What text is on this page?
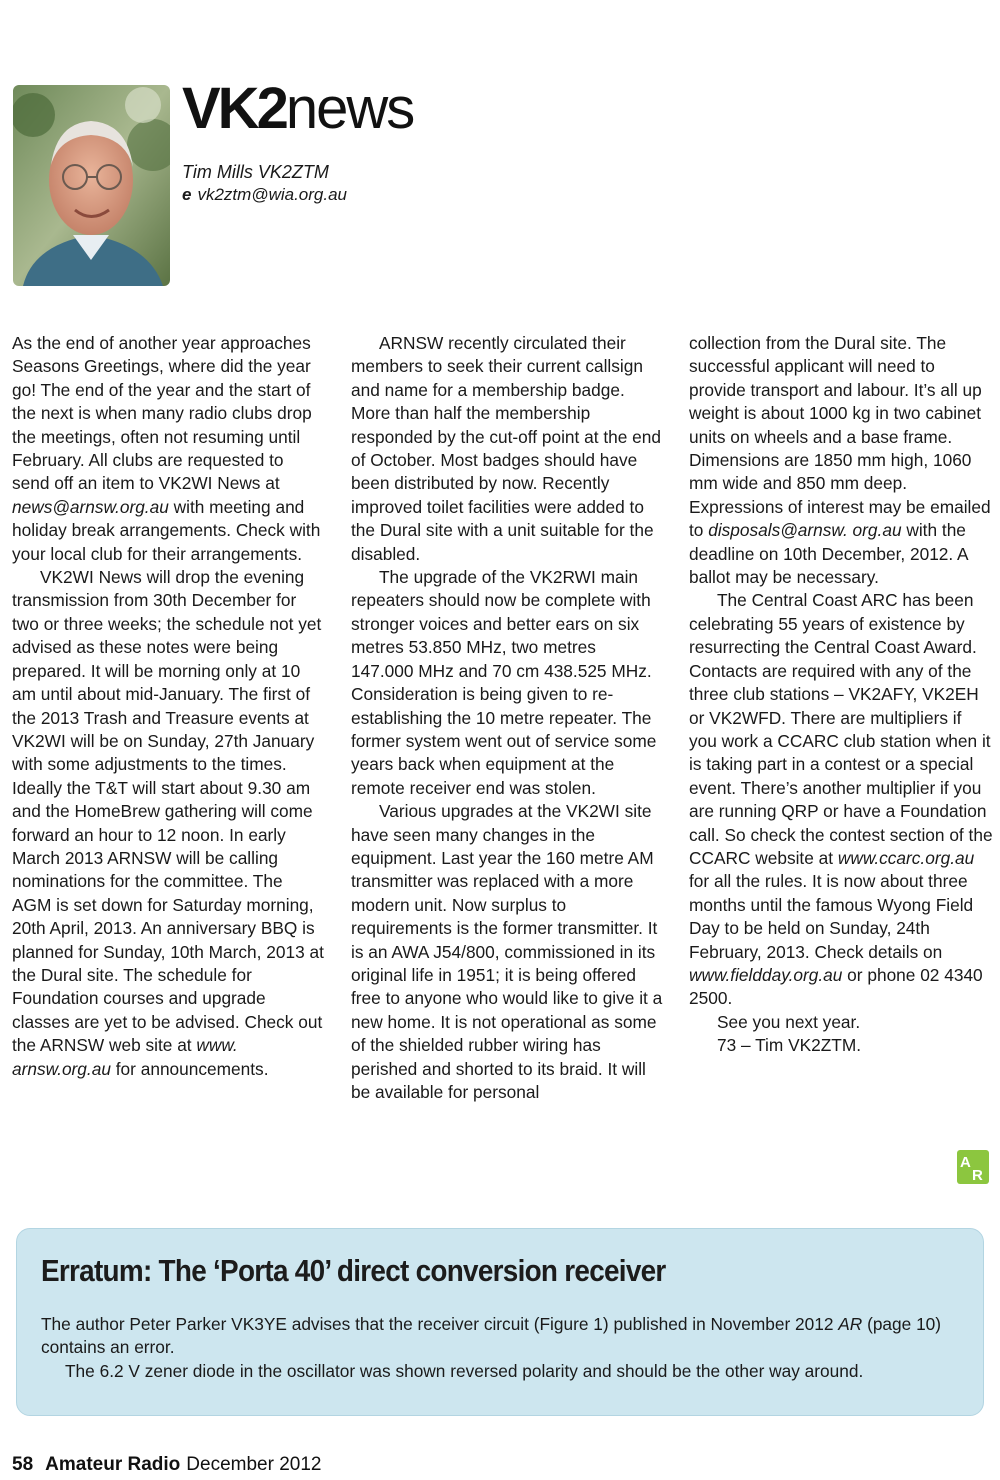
VK2news
Tim Mills VK2ZTM
e vk2ztm@wia.org.au

As the end of another year approaches Seasons Greetings, where did the year go! The end of the year and the start of the next is when many radio clubs drop the meetings, often not resuming until February. All clubs are requested to send off an item to VK2WI News at news@arnsw.org.au with meeting and holiday break arrangements. Check with your local club for their arrangements.

VK2WI News will drop the evening transmission from 30th December for two or three weeks; the schedule not yet advised as these notes were being prepared. It will be morning only at 10 am until about mid-January. The first of the 2013 Trash and Treasure events at VK2WI will be on Sunday, 27th January with some adjustments to the times. Ideally the T&T will start about 9.30 am and the HomeBrew gathering will come forward an hour to 12 noon. In early March 2013 ARNSW will be calling nominations for the committee. The AGM is set down for Saturday morning, 20th April, 2013. An anniversary BBQ is planned for Sunday, 10th March, 2013 at the Dural site. The schedule for Foundation courses and upgrade classes are yet to be advised. Check out the ARNSW web site at www. arnsw.org.au for announcements.

ARNSW recently circulated their members to seek their current callsign and name for a membership badge. More than half the membership responded by the cut-off point at the end of October. Most badges should have been distributed by now. Recently improved toilet facilities were added to the Dural site with a unit suitable for the disabled.

The upgrade of the VK2RWI main repeaters should now be complete with stronger voices and better ears on six metres 53.850 MHz, two metres 147.000 MHz and 70 cm 438.525 MHz. Consideration is being given to re-establishing the 10 metre repeater. The former system went out of service some years back when equipment at the remote receiver end was stolen.

Various upgrades at the VK2WI site have seen many changes in the equipment. Last year the 160 metre AM transmitter was replaced with a more modern unit. Now surplus to requirements is the former transmitter. It is an AWA J54/800, commissioned in its original life in 1951; it is being offered free to anyone who would like to give it a new home. It is not operational as some of the shielded rubber wiring has perished and shorted to its braid. It will be available for personal

collection from the Dural site. The successful applicant will need to provide transport and labour. It’s all up weight is about 1000 kg in two cabinet units on wheels and a base frame. Dimensions are 1850 mm high, 1060 mm wide and 850 mm deep. Expressions of interest may be emailed to disposals@arnsw. org.au with the deadline on 10th December, 2012. A ballot may be necessary.

The Central Coast ARC has been celebrating 55 years of existence by resurrecting the Central Coast Award. Contacts are required with any of the three club stations – VK2AFY, VK2EH or VK2WFD. There are multipliers if you work a CCARC club station when it is taking part in a contest or a special event. There’s another multiplier if you are running QRP or have a Foundation call. So check the contest section of the CCARC website at www.ccarc.org.au for all the rules. It is now about three months until the famous Wyong Field Day to be held on Sunday, 24th February, 2013. Check details on www.fieldday.org.au or phone 02 4340 2500.

See you next year.

73 – Tim VK2ZTM.

A
R
Erratum: The ‘Porta 40’ direct conversion receiver

The author Peter Parker VK3YE advises that the receiver circuit (Figure 1) published in November 2012 AR (page 10) contains an error.

The 6.2 V zener diode in the oscillator was shown reversed polarity and should be the other way around.

58 Amateur Radio December 2012
